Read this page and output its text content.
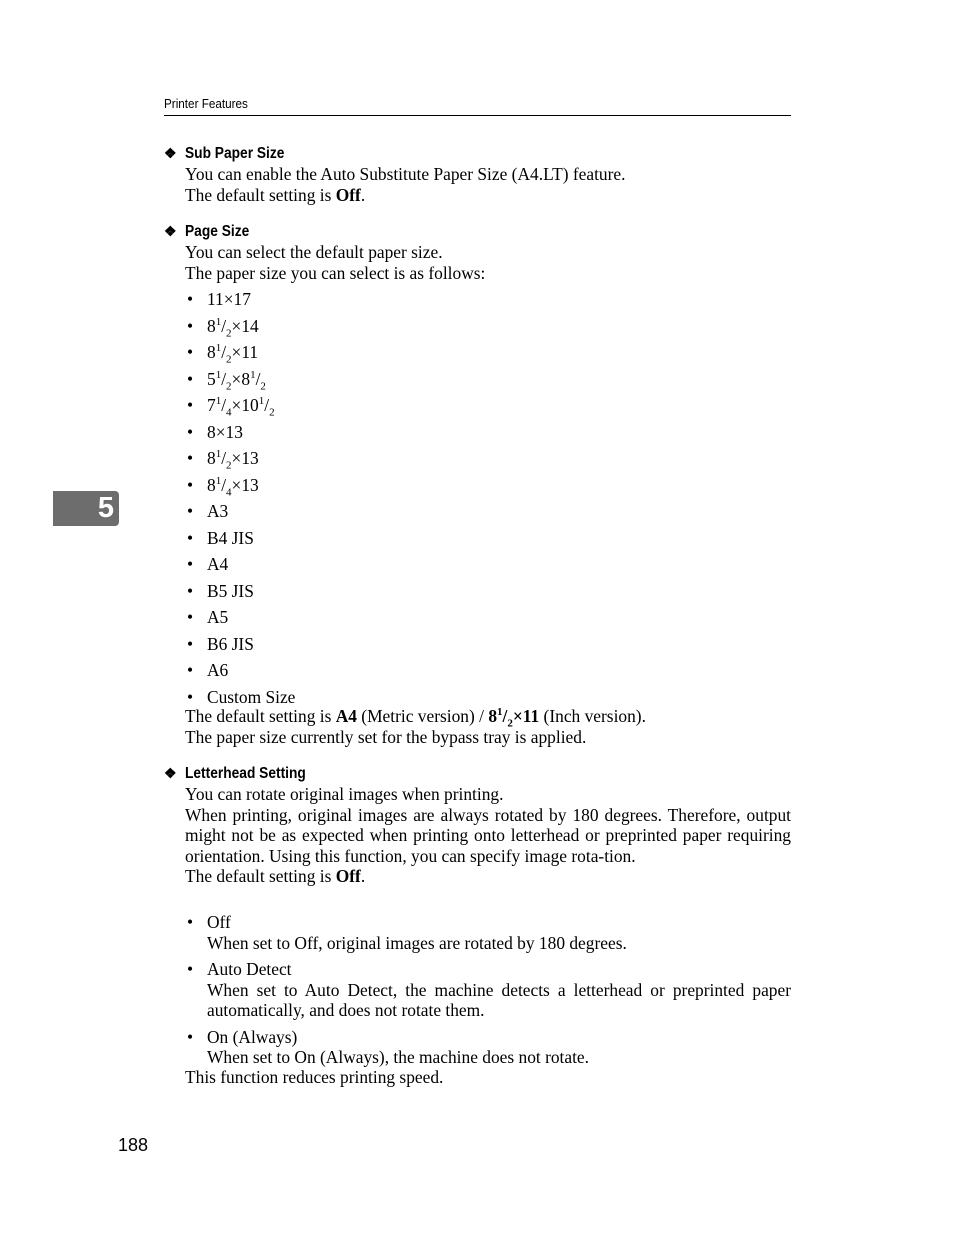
Printer Features
5
❖ Sub Paper Size

You can enable the Auto Substitute Paper Size (A4.LT) feature.

The default setting is Off.

❖ Page Size

You can select the default paper size.

The paper size you can select is as follows:

• 11×17
• $8^1/_2\times 14$
• $8^1/_2\times 11$
• $5^1/_2\times 8^1/_2$
• $7^1/_4\times 10^1/_2$
• 8×13
• $8^1/_2\times 13$
• $8^1/_4\times 13$
• A3
• B4 JIS
• A4
• B5 JIS
• A5
• B6 JIS
• A6
• Custom Size

The default setting is A4 (Metric version) / $8^1/_2\times 11$ (Inch version).

The paper size currently set for the bypass tray is applied.

❖ Letterhead Setting

You can rotate original images when printing.

When printing, original images are always rotated by 180 degrees. Therefore, output might not be as expected when printing onto letterhead or preprinted paper requiring orientation. Using this function, you can specify image rota-tion.

The default setting is Off.

• Off
When set to Off, original images are rotated by 180 degrees.
• Auto Detect
When set to Auto Detect, the machine detects a letterhead or preprinted paper automatically, and does not rotate them.
• On (Always)
When set to On (Always), the machine does not rotate.

This function reduces printing speed.

188
